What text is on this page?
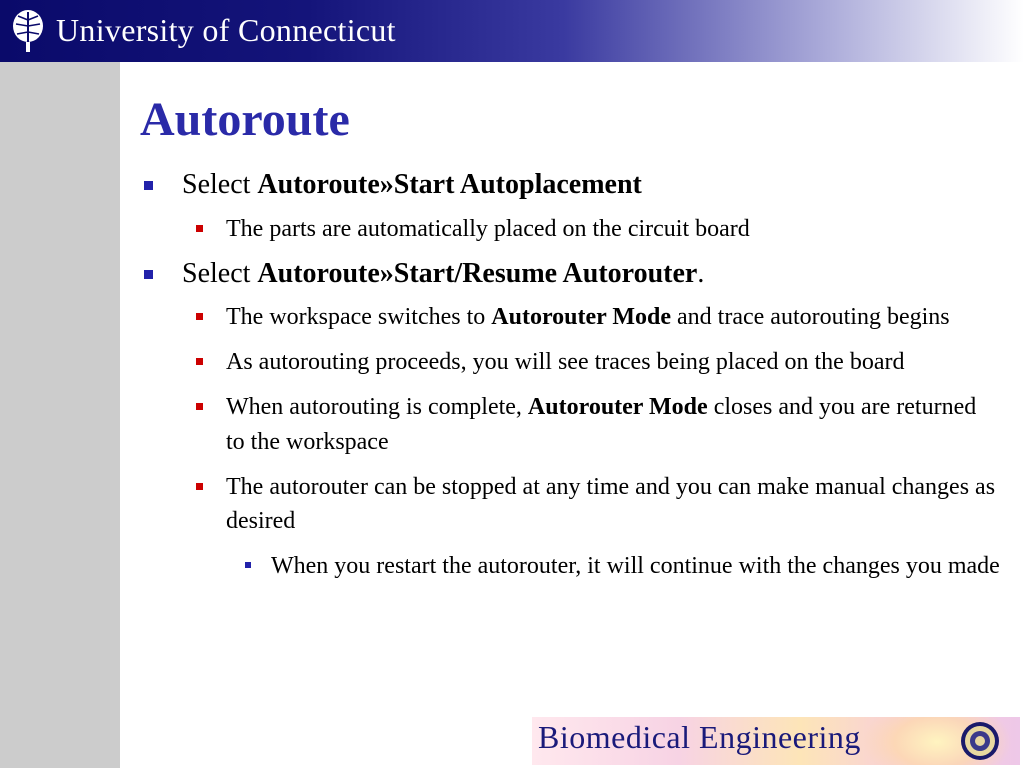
University of Connecticut
Autoroute
Select Autoroute»Start Autoplacement
The parts are automatically placed on the circuit board
Select Autoroute»Start/Resume Autorouter.
The workspace switches to Autorouter Mode and trace autorouting begins
As autorouting proceeds, you will see traces being placed on the board
When autorouting is complete, Autorouter Mode closes and you are returned to the workspace
The autorouter can be stopped at any time and you can make manual changes as desired
When you restart the autorouter, it will continue with the changes you made
Biomedical Engineering
